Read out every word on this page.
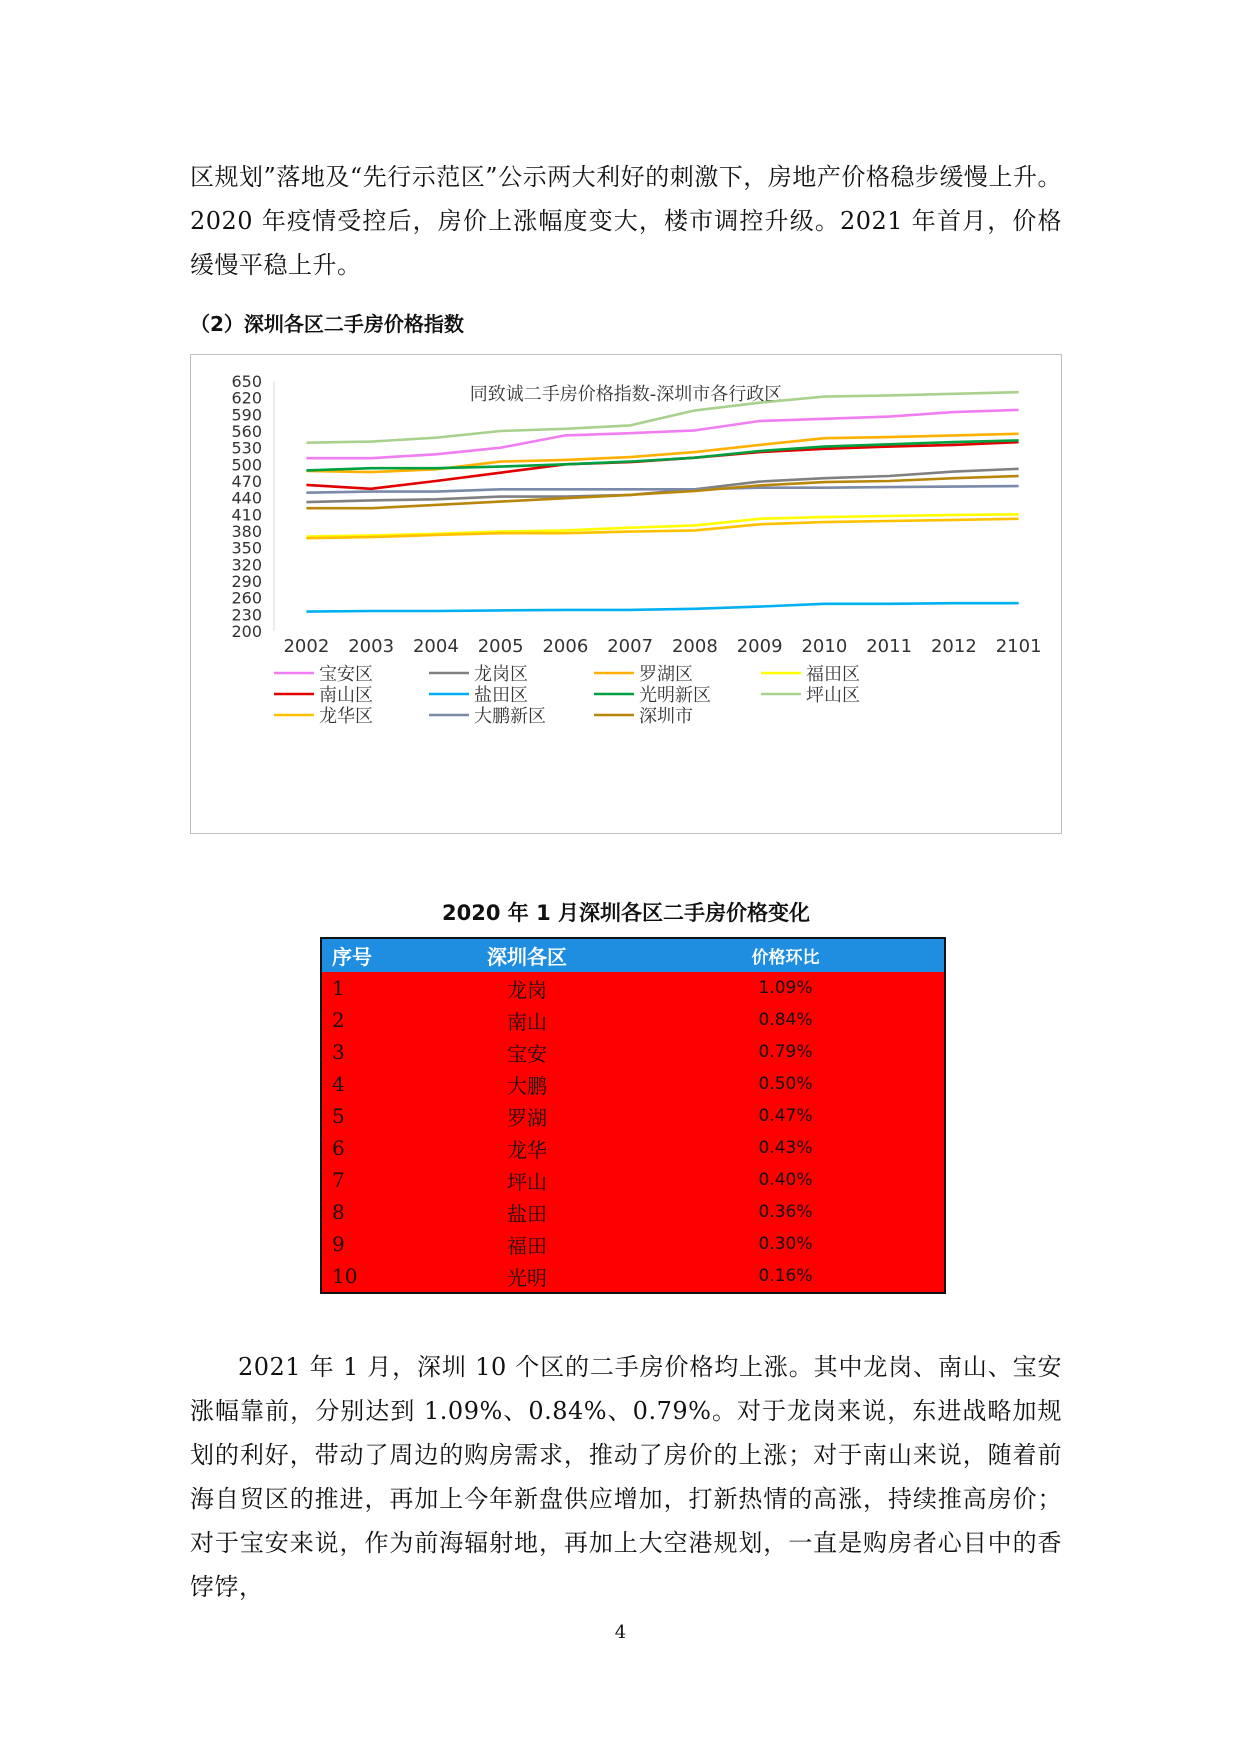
区规划”落地及“先行示范区”公示两大利好的刺激下，房地产价格稳步缓慢上升。2020 年疫情受控后，房价上涨幅度变大，楼市调控升级。2021 年首月，价格缓慢平稳上升。

（2）深圳各区二手房价格指数
同致诚二手房价格指数-深圳市各行政区
650
620
590
560
530
500
470
440
410
380
350
320
290
260
230
200
2002 2003 2004 2005 2006 2007 2008 2009 2010 2011 2012 2101
宝安区	龙岗区	罗湖区	福田区
南山区	盐田区	光明新区	坪山区
龙华区	大鹏新区	深圳市
2020 年 1 月深圳各区二手房价格变化
序号	深圳各区	价格环比
1	龙岗	1.09%
2	南山	0.84%
3	宝安	0.79%
4	大鹏	0.50%
5	罗湖	0.47%
6	龙华	0.43%
7	坪山	0.40%
8	盐田	0.36%
9	福田	0.30%
10	光明	0.16%

2021 年 1 月，深圳 10 个区的二手房价格均上涨。其中龙岗、南山、宝安涨幅靠前，分别达到 1.09%、0.84%、0.79%。对于龙岗来说，东进战略加规划的利好，带动了周边的购房需求，推动了房价的上涨；对于南山来说，随着前海自贸区的推进，再加上今年新盘供应增加，打新热情的高涨，持续推高房价；对于宝安来说，作为前海辐射地，再加上大空港规划，一直是购房者心目中的香饽饽，

4
